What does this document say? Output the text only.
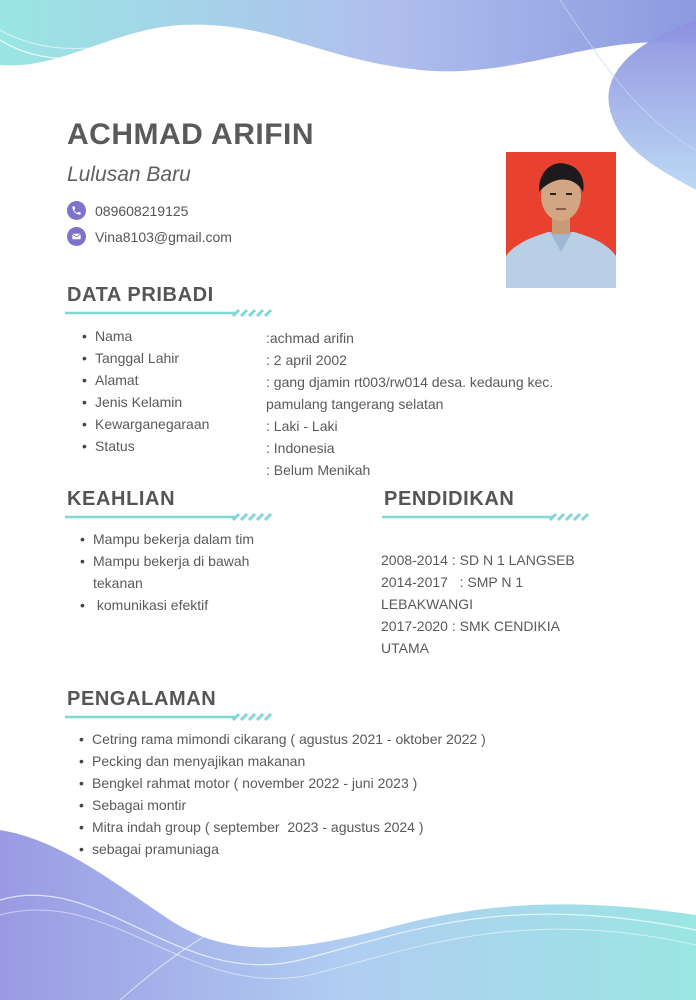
ACHMAD ARIFIN
Lulusan Baru
089608219125
Vina8103@gmail.com
DATA PRIBADI
• Nama
• Tanggal Lahir
• Alamat
• Jenis Kelamin
• Kewarganegaraan
• Status
:achmad arifin
: 2 april 2002
: gang djamin rt003/rw014 desa. kedaung kec.
pamulang tangerang selatan
: Laki - Laki
: Indonesia
: Belum Menikah
KEAHLIAN
• Mampu bekerja dalam tim
• Mampu bekerja di bawah
tekanan
•  komunikasi efektif
PENDIDIKAN
2008-2014 : SD N 1 LANGSEB
2014-2017   : SMP N 1
LEBAKWANGI
2017-2020 : SMK CENDIKIA
UTAMA
PENGALAMAN
• Cetring rama mimondi cikarang ( agustus 2021 - oktober 2022 )
• Pecking dan menyajikan makanan
• Bengkel rahmat motor ( november 2022 - juni 2023 )
• Sebagai montir
• Mitra indah group ( september  2023 - agustus 2024 )
• sebagai pramuniaga
